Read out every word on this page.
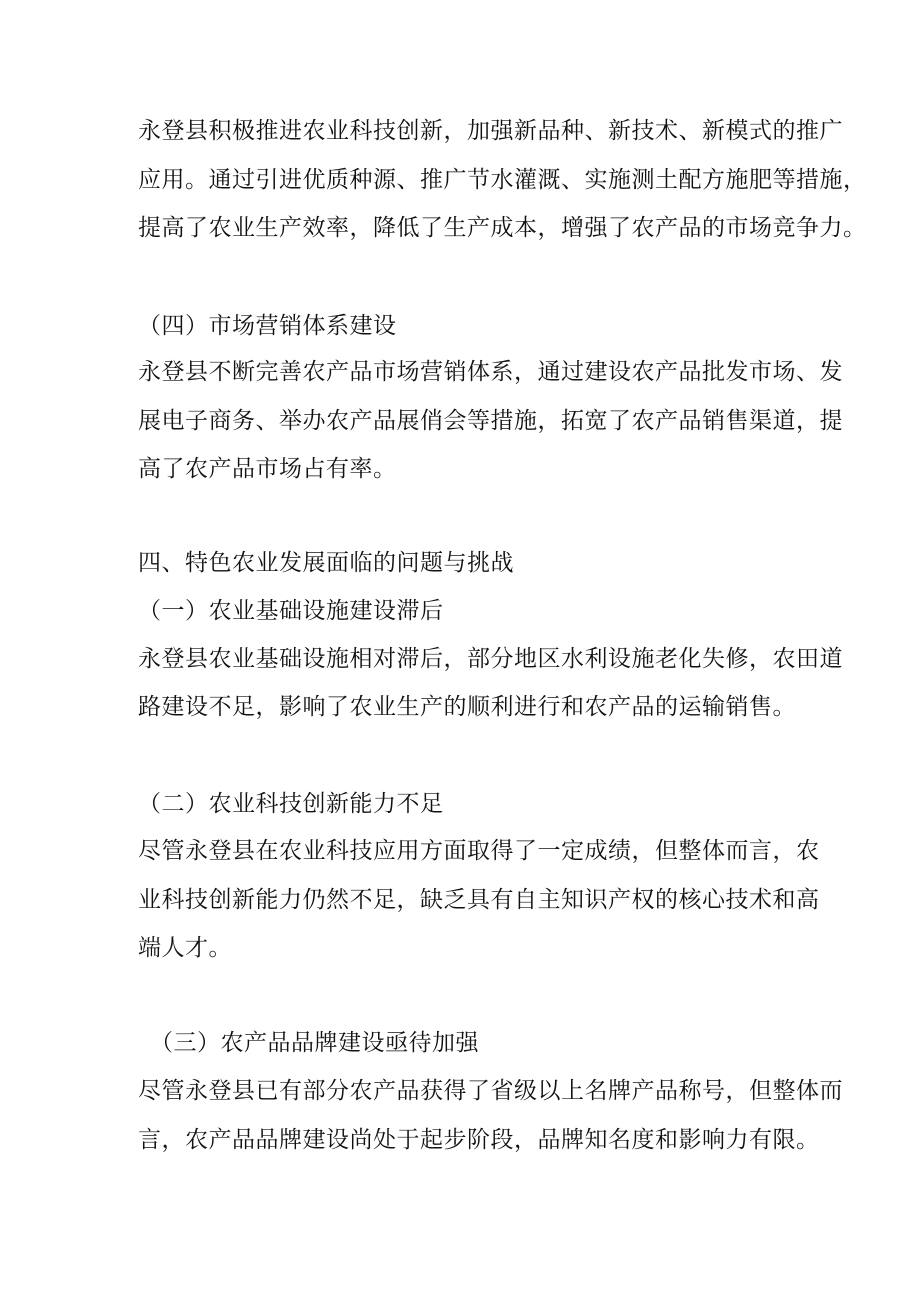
永登县积极推进农业科技创新，加强新品种、新技术、新模式的推广
应用。通过引进优质种源、推广节水灌溉、实施测土配方施肥等措施，
提高了农业生产效率，降低了生产成本，增强了农产品的市场竞争力。
（四）市场营销体系建设
永登县不断完善农产品市场营销体系，通过建设农产品批发市场、发
展电子商务、举办农产品展俏会等措施，拓宽了农产品销售渠道，提
高了农产品市场占有率。
四、特色农业发展面临的问题与挑战
（一）农业基础设施建设滞后
永登县农业基础设施相对滞后，部分地区水利设施老化失修，农田道
路建设不足，影响了农业生产的顺利进行和农产品的运输销售。
（二）农业科技创新能力不足
尽管永登县在农业科技应用方面取得了一定成绩，但整体而言，农
业科技创新能力仍然不足，缺乏具有自主知识产权的核心技术和高
端人才。
（三）农产品品牌建设亟待加强
尽管永登县已有部分农产品获得了省级以上名牌产品称号，但整体而
言，农产品品牌建设尚处于起步阶段，品牌知名度和影响力有限。
